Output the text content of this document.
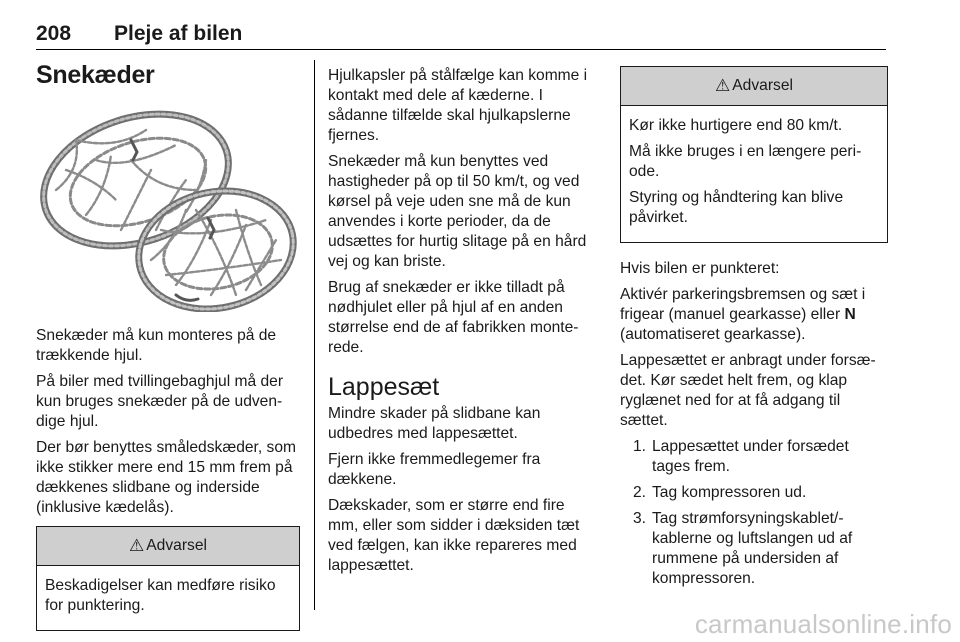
208 Pleje af bilen
Snekæder

Snekæder må kun monteres på de trækkende hjul.

På biler med tvillingebaghjul må der kun bruges snekæder på de udven-dige hjul.

Der bør benyttes småledskæder, som ikke stikker mere end 15 mm frem på dækkenes slidbane og inderside (inklusive kædelås).

⚠ Advarsel

Beskadigelser kan medføre risiko for punktering.

Hjulkapsler på stålfælge kan komme i kontakt med dele af kæderne. I sådanne tilfælde skal hjulkapslerne fjernes.

Snekæder må kun benyttes ved hastigheder på op til 50 km/t, og ved kørsel på veje uden sne må de kun anvendes i korte perioder, da de udsættes for hurtig slitage på en hård vej og kan briste.

Brug af snekæder er ikke tilladt på nødhjulet eller på hjul af en anden størrelse end de af fabrikken monte-rede.

Lappesæt

Mindre skader på slidbane kan udbedres med lappesættet.

Fjern ikke fremmedlegemer fra dækkene.

Dækskader, som er større end fire mm, eller som sidder i dæksiden tæt ved fælgen, kan ikke repareres med lappesættet.

⚠ Advarsel

Kør ikke hurtigere end 80 km/t.

Må ikke bruges i en længere peri-ode.

Styring og håndtering kan blive påvirket.

Hvis bilen er punkteret:

Aktivér parkeringsbremsen og sæt i frigear (manuel gearkasse) eller N (automatiseret gearkasse).

Lappesættet er anbragt under forsæ-det. Kør sædet helt frem, og klap ryglænet ned for at få adgang til sættet.

1. Lappesættet under forsædet tages frem.
2. Tag kompressoren ud.
3. Tag strømforsyningskablet/-kablerne og luftslangen ud af rummene på undersiden af kompressoren.
carmanualsonline.info
